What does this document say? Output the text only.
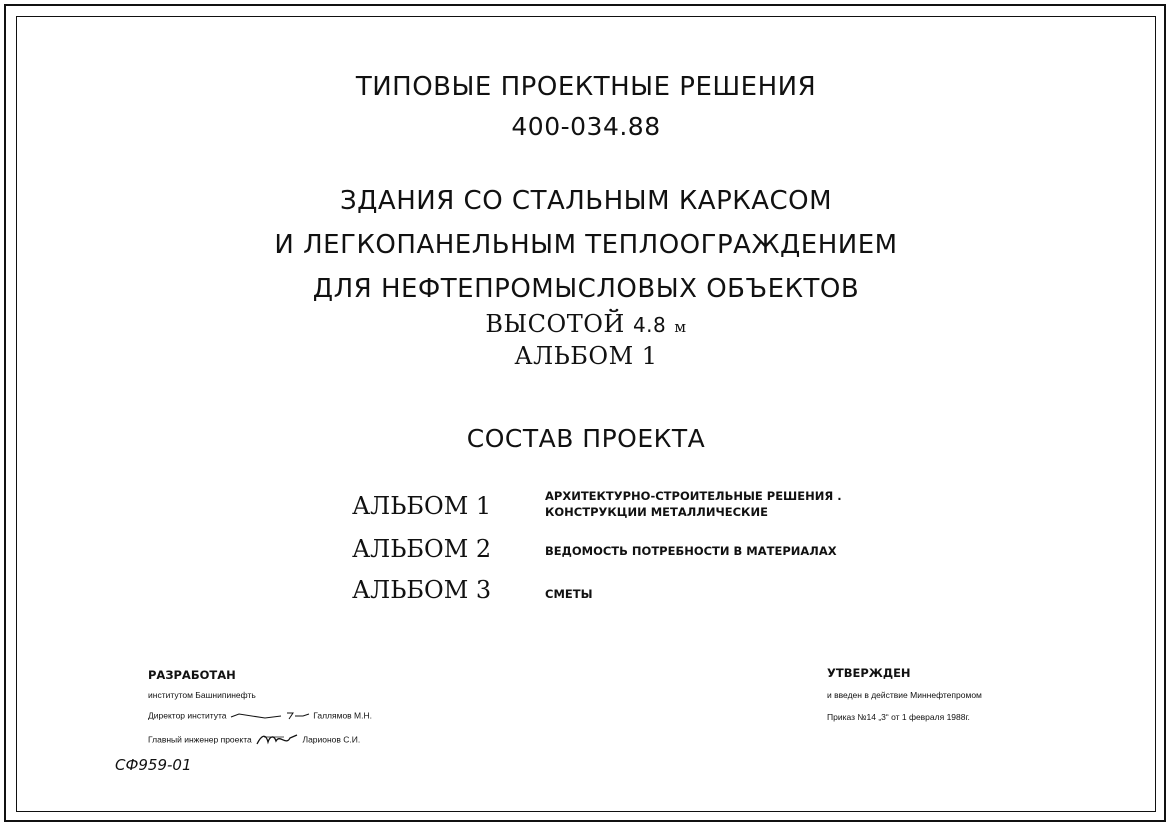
ТИПОВЫЕ ПРОЕКТНЫЕ РЕШЕНИЯ
400-034.88
ЗДАНИЯ СО СТАЛЬНЫМ КАРКАСОМ
И ЛЕГКОПАНЕЛЬНЫМ ТЕПЛООГРАЖДЕНИЕМ
ДЛЯ НЕФТЕПРОМЫСЛОВЫХ ОБЪЕКТОВ
ВЫСОТОЙ 4.8 м
АЛЬБОМ 1
СОСТАВ ПРОЕКТА
АЛЬБОМ 1	АРХИТЕКТУРНО-СТРОИТЕЛЬНЫЕ РЕШЕНИЯ .
КОНСТРУКЦИИ МЕТАЛЛИЧЕСКИЕ
АЛЬБОМ 2	ВЕДОМОСТЬ ПОТРЕБНОСТИ В МАТЕРИАЛАХ
АЛЬБОМ 3	СМЕТЫ
РАЗРАБОТАН
институтом Башнипинефть
Директор института	Галлямов М.Н.
Главный инженер проекта	Ларионов С.И.
СФ959-01
УТВЕРЖДЕН
и введен в действие Миннефтепромом
Приказ №14 „3“ от 1 февраля 1988г.
